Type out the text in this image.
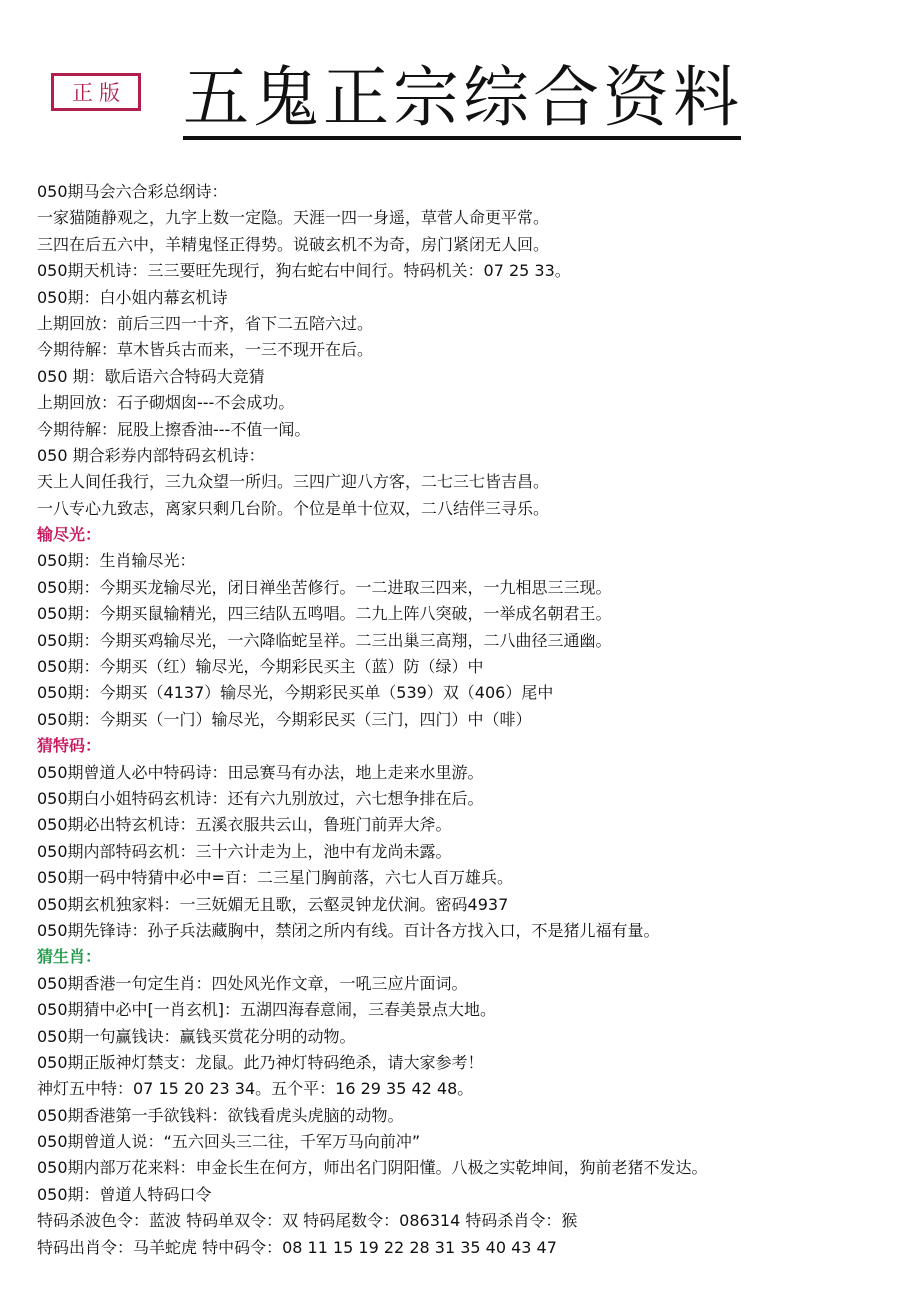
正版 五鬼正宗综合资料
050期马会六合彩总纲诗：
一家猫随静观之，九字上数一定隐。天涯一四一身遥，草菅人命更平常。
三四在后五六中，羊精鬼怪正得势。说破玄机不为奇，房门紧闭无人回。
050期天机诗：三三要旺先现行，狗右蛇右中间行。特码机关：07 25 33。
050期：白小姐内幕玄机诗
上期回放：前后三四一十齐，省下二五陪六过。
今期待解：草木皆兵古而来，一三不现开在后。
050 期：歇后语六合特码大竞猜
上期回放：石子砌烟囱---不会成功。
今期待解：屁股上擦香油---不值一闻。
050 期合彩券内部特码玄机诗：
天上人间任我行，三九众望一所归。三四广迎八方客，二七三七皆吉昌。
一八专心九致志，离家只剩几台阶。个位是单十位双，二八结伴三寻乐。
输尽光：
050期：生肖输尽光：
050期：今期买龙输尽光，闭日禅坐苦修行。一二进取三四来，一九相思三三现。
050期：今期买鼠输精光，四三结队五鸣唱。二九上阵八突破，一举成名朝君王。
050期：今期买鸡输尽光，一六降临蛇呈祥。二三出巢三高翔，二八曲径三通幽。
050期：今期买（红）输尽光，今期彩民买主（蓝）防（绿）中
050期：今期买（4137）输尽光，今期彩民买单（539）双（406）尾中
050期：今期买（一门）输尽光，今期彩民买（三门，四门）中（啡）
猜特码：
050期曾道人必中特码诗：田忌赛马有办法，地上走来水里游。
050期白小姐特码玄机诗：还有六九别放过，六七想争排在后。
050期必出特玄机诗：五溪衣服共云山，鲁班门前弄大斧。
050期内部特码玄机：三十六计走为上，池中有龙尚未露。
050期一码中特猜中必中=百：二三星门胸前落，六七人百万雄兵。
050期玄机独家料：一三妩媚无且歌，云壑灵钟龙伏涧。密码4937
050期先锋诗：孙子兵法藏胸中，禁闭之所内有线。百计各方找入口，不是猪儿福有量。
猜生肖：
050期香港一句定生肖：四处风光作文章，一吼三应片面词。
050期猜中必中[一肖玄机]：五湖四海春意闹，三春美景点大地。
050期一句赢钱诀：赢钱买赏花分明的动物。
050期正版神灯禁支：龙鼠。此乃神灯特码绝杀，请大家参考！
神灯五中特：07 15 20 23 34。五个平：16 29 35 42 48。
050期香港第一手欲钱料：欲钱看虎头虎脑的动物。
050期曾道人说：“五六回头三二往，千军万马向前冲”
050期内部万花来料：申金长生在何方，师出名门阴阳懂。八极之实乾坤间，狗前老猪不发达。
050期：曾道人特码口令
特码杀波色令：蓝波 特码单双令：双 特码尾数令：086314 特码杀肖令：猴
特码出肖令：马羊蛇虎 特中码令：08 11 15 19 22 28 31 35 40 43 47
